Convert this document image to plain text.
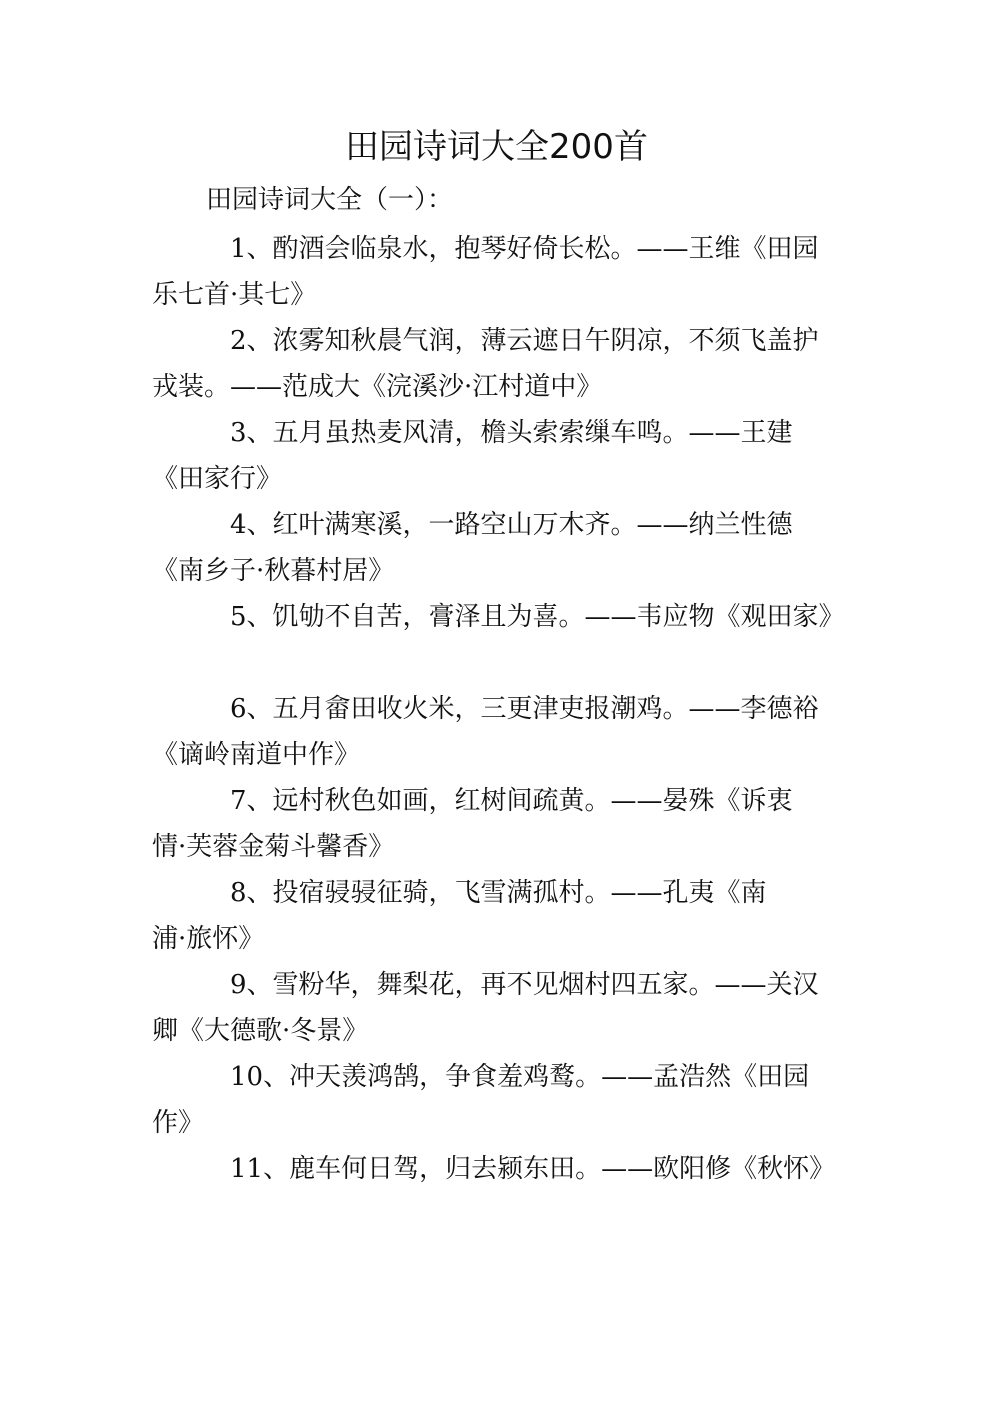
田园诗词大全200首
田园诗词大全（一）：
1、酌酒会临泉水，抱琴好倚长松。——王维《田园
乐七首·其七》
2、浓雾知秋晨气润，薄云遮日午阴凉，不须飞盖护
戎装。——范成大《浣溪沙·江村道中》
3、五月虽热麦风清，檐头索索缫车鸣。——王建
《田家行》
4、红叶满寒溪，一路空山万木齐。——纳兰性德
《南乡子·秋暮村居》
5、饥劬不自苦，膏泽且为喜。——韦应物《观田家》
6、五月畲田收火米，三更津吏报潮鸡。——李德裕
《谪岭南道中作》
7、远村秋色如画，红树间疏黄。——晏殊《诉衷
情·芙蓉金菊斗馨香》
8、投宿骎骎征骑，飞雪满孤村。——孔夷《南
浦·旅怀》
9、雪粉华，舞梨花，再不见烟村四五家。——关汉
卿《大德歌·冬景》
10、冲天羡鸿鹄，争食羞鸡鹜。——孟浩然《田园
作》
11、鹿车何日驾，归去颍东田。——欧阳修《秋怀》
